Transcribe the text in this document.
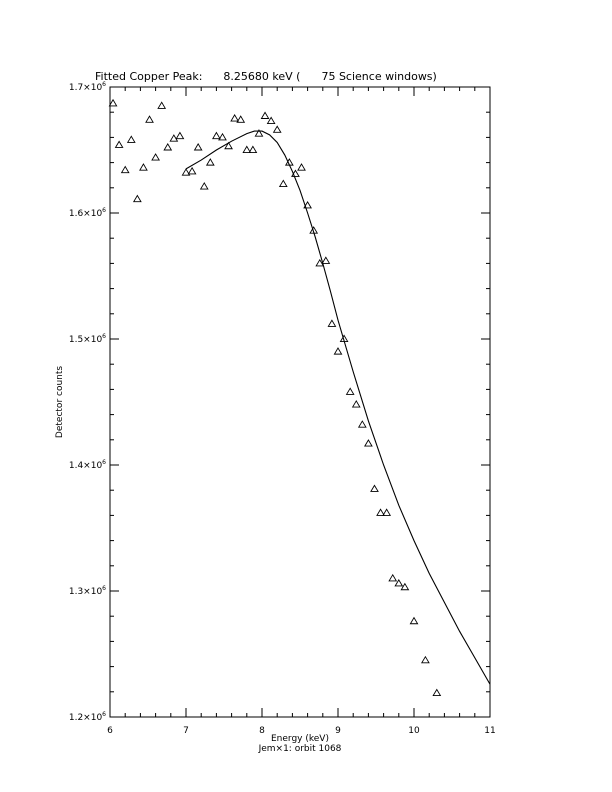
Fitted Copper Peak:      8.25680 keV (      75 Science windows)
6	7	8	9	10	11
$1.2\times 10^6$
$1.3\times 10^6$
$1.4\times 10^6$
$1.5\times 10^6$
$1.6\times 10^6$
$1.7\times 10^6$
Energy (keV)
Jem×1: orbit 1068
Detector counts
